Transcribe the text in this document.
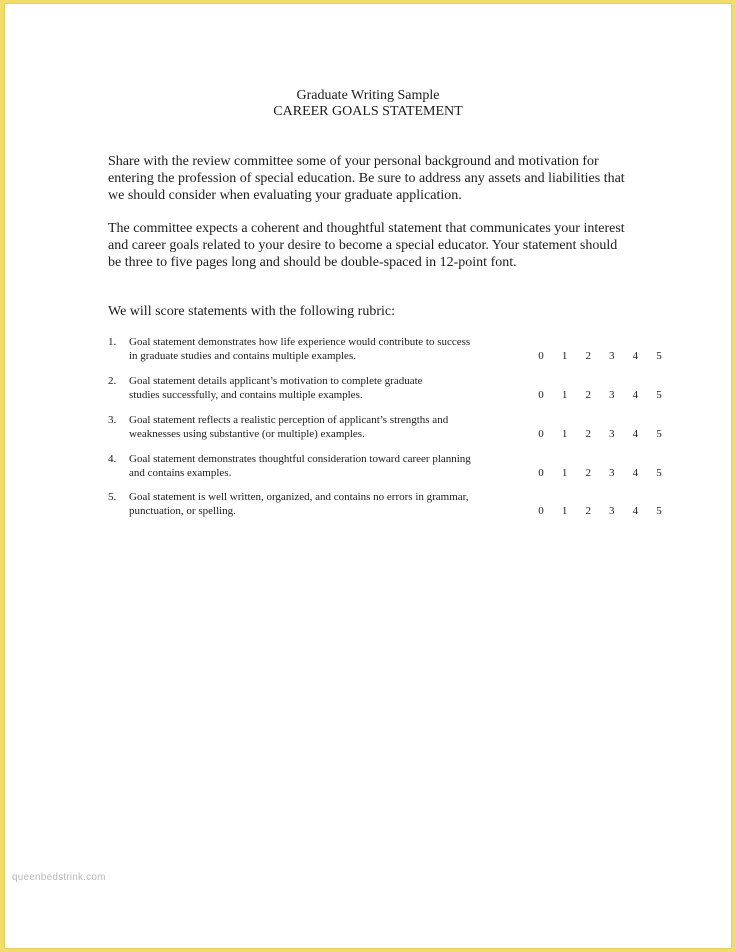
Graduate Writing Sample
CAREER GOALS STATEMENT
Share with the review committee some of your personal background and motivation for entering the profession of special education. Be sure to address any assets and liabilities that we should consider when evaluating your graduate application.
The committee expects a coherent and thoughtful statement that communicates your interest and career goals related to your desire to become a special educator. Your statement should be three to five pages long and should be double-spaced in 12-point font.
We will score statements with the following rubric:
1. Goal statement demonstrates how life experience would contribute to success
in graduate studies and contains multiple examples.	0 1 2 3 4 5
2. Goal statement details applicant’s motivation to complete graduate
studies successfully, and contains multiple examples.	0 1 2 3 4 5
3. Goal statement reflects a realistic perception of applicant’s strengths and
weaknesses using substantive (or multiple) examples.	0 1 2 3 4 5
4. Goal statement demonstrates thoughtful consideration toward career planning
and contains examples.	0 1 2 3 4 5
5. Goal statement is well written, organized, and contains no errors in grammar,
punctuation, or spelling.	0 1 2 3 4 5
queenbedstrink.com
